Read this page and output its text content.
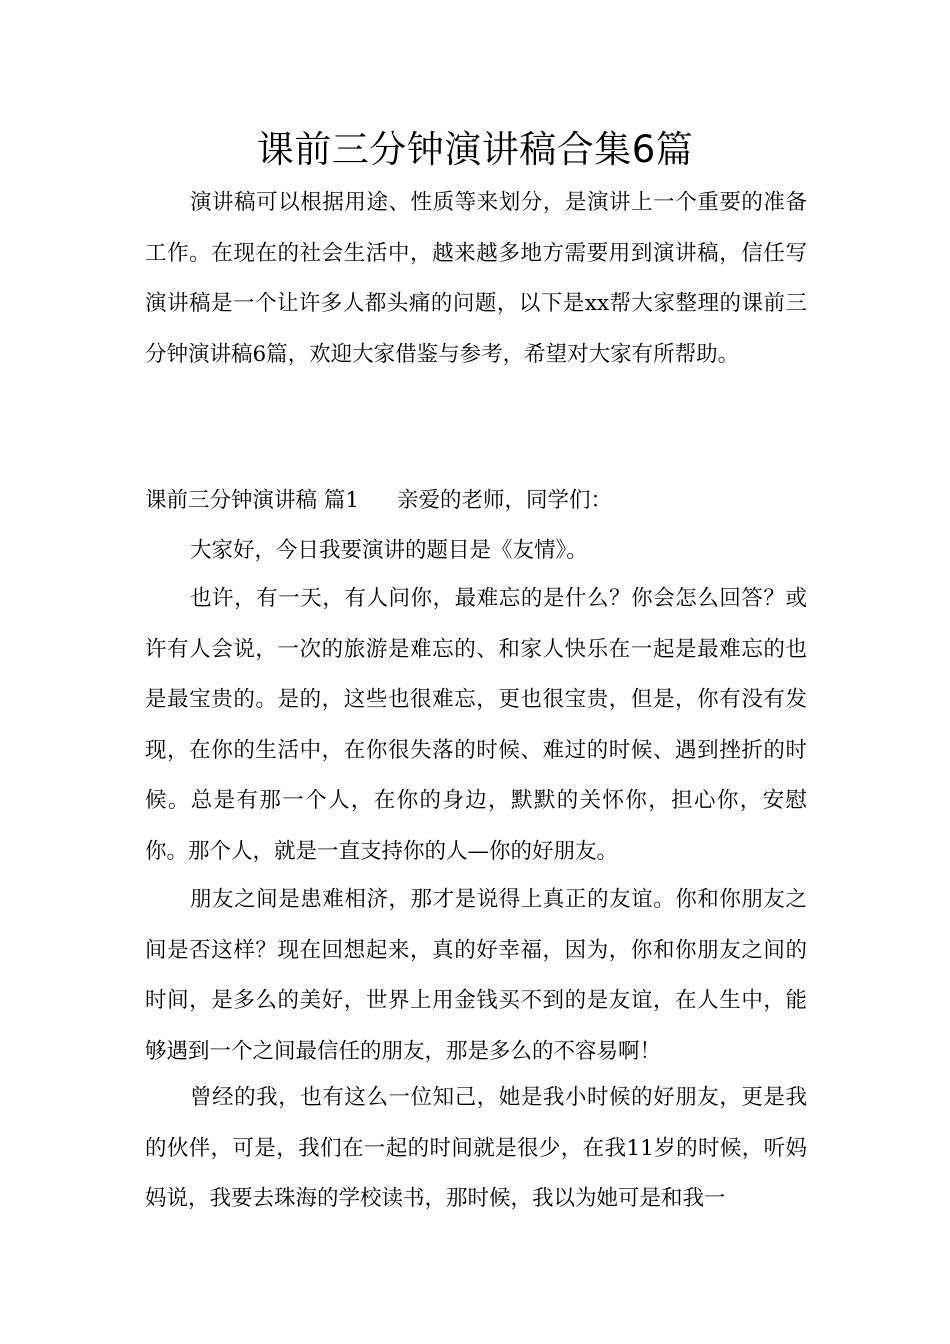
课前三分钟演讲稿合集6篇

演讲稿可以根据用途、性质等来划分，是演讲上一个重要的准备工作。在现在的社会生活中，越来越多地方需要用到演讲稿，信任写演讲稿是一个让许多人都头痛的问题，以下是xx帮大家整理的课前三分钟演讲稿6篇，欢迎大家借鉴与参考，希望对大家有所帮助。

课前三分钟演讲稿 篇1 亲爱的老师，同学们：

大家好，今日我要演讲的题目是《友情》。

也许，有一天，有人问你，最难忘的是什么？你会怎么回答？或许有人会说，一次的旅游是难忘的、和家人快乐在一起是最难忘的也是最宝贵的。是的，这些也很难忘，更也很宝贵，但是，你有没有发现，在你的生活中，在你很失落的时候、难过的时候、遇到挫折的时候。总是有那一个人，在你的身边，默默的关怀你，担心你，安慰你。那个人，就是一直支持你的人—你的好朋友。

朋友之间是患难相济，那才是说得上真正的友谊。你和你朋友之间是否这样？现在回想起来，真的好幸福，因为，你和你朋友之间的时间，是多么的美好，世界上用金钱买不到的是友谊，在人生中，能够遇到一个之间最信任的朋友，那是多么的不容易啊！

曾经的我，也有这么一位知己，她是我小时候的好朋友，更是我的伙伴，可是，我们在一起的时间就是很少，在我11岁的时候，听妈妈说，我要去珠海的学校读书，那时候，我以为她可是和我一
